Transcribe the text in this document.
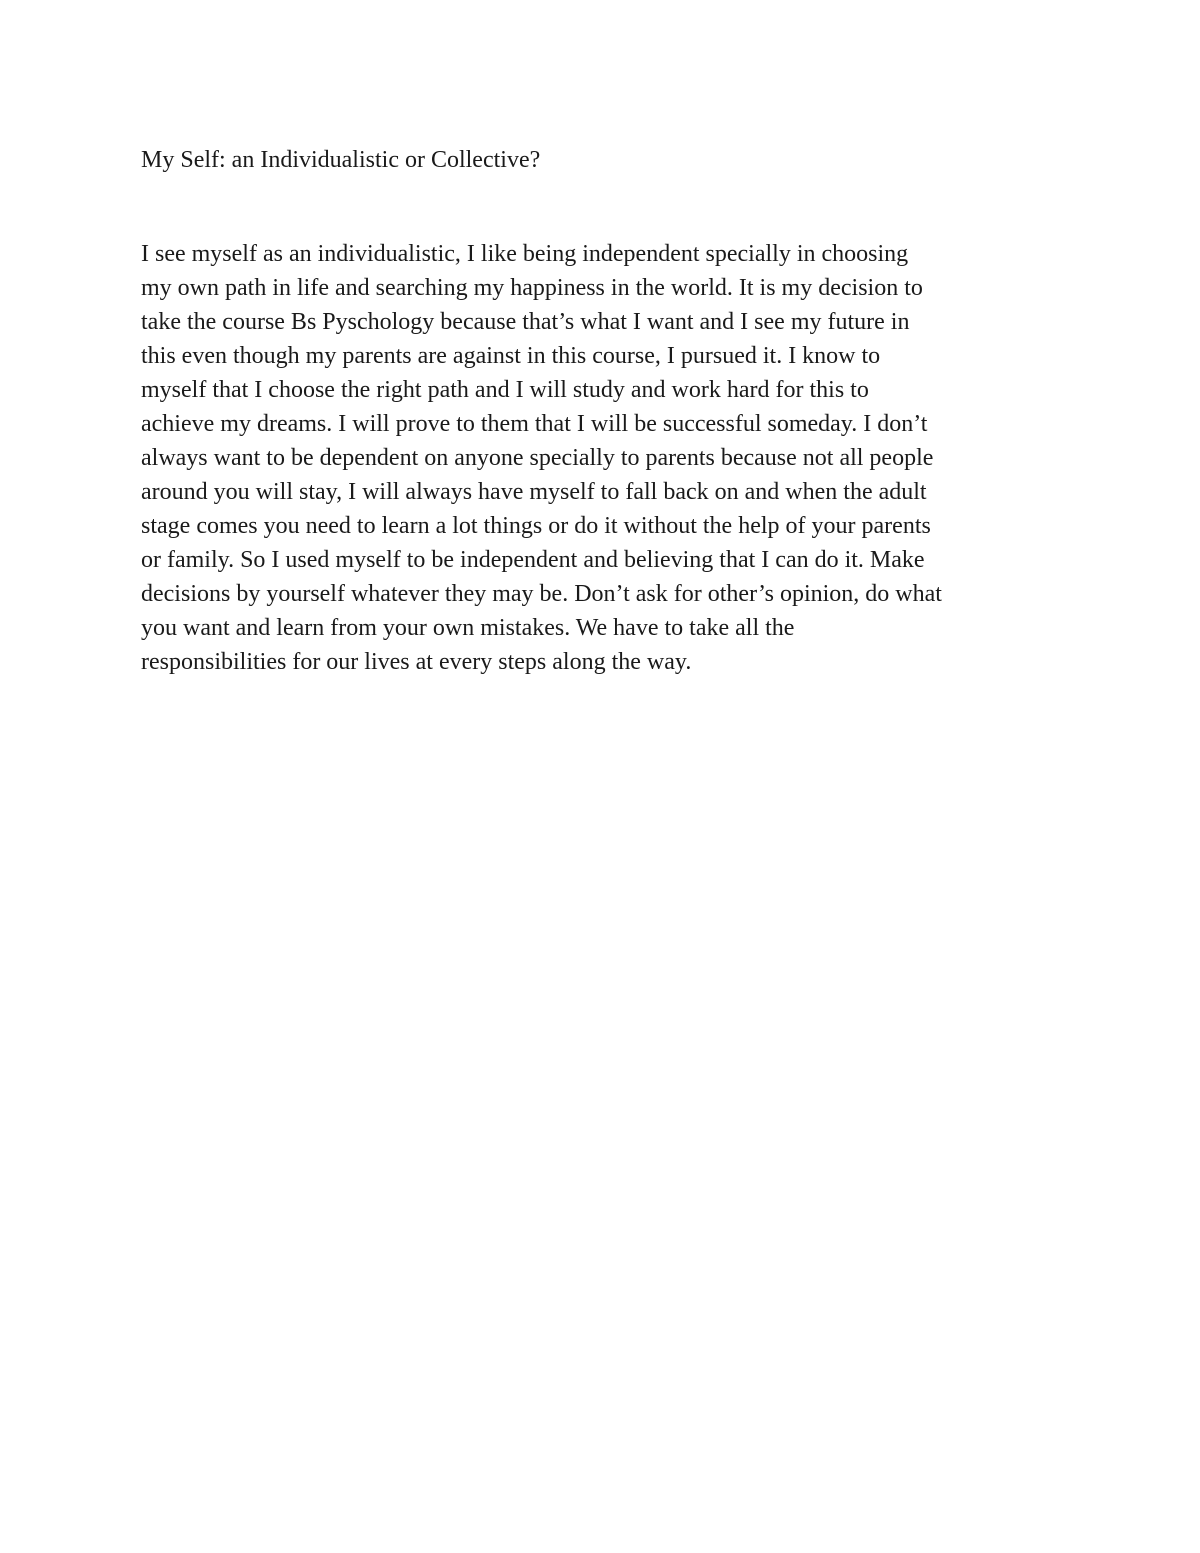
My Self: an Individualistic or Collective?
I see myself as an individualistic, I like being independent specially in choosing
my own path in life and searching my happiness in the world. It is my decision to
take the course Bs Pyschology because that’s what I want and I see my future in
this even though my parents are against in this course, I pursued it. I know to
myself that I choose the right path and I will study and work hard for this to
achieve my dreams. I will prove to them that I will be successful someday. I don’t
always want to be dependent on anyone specially to parents because not all people
around you will stay, I will always have myself to fall back on and when the adult
stage comes you need to learn a lot things or do it without the help of your parents
or family. So I used myself to be independent and believing that I can do it. Make
decisions by yourself whatever they may be. Don’t ask for other’s opinion, do what
you want and learn from your own mistakes. We have to take all the
responsibilities for our lives at every steps along the way.
